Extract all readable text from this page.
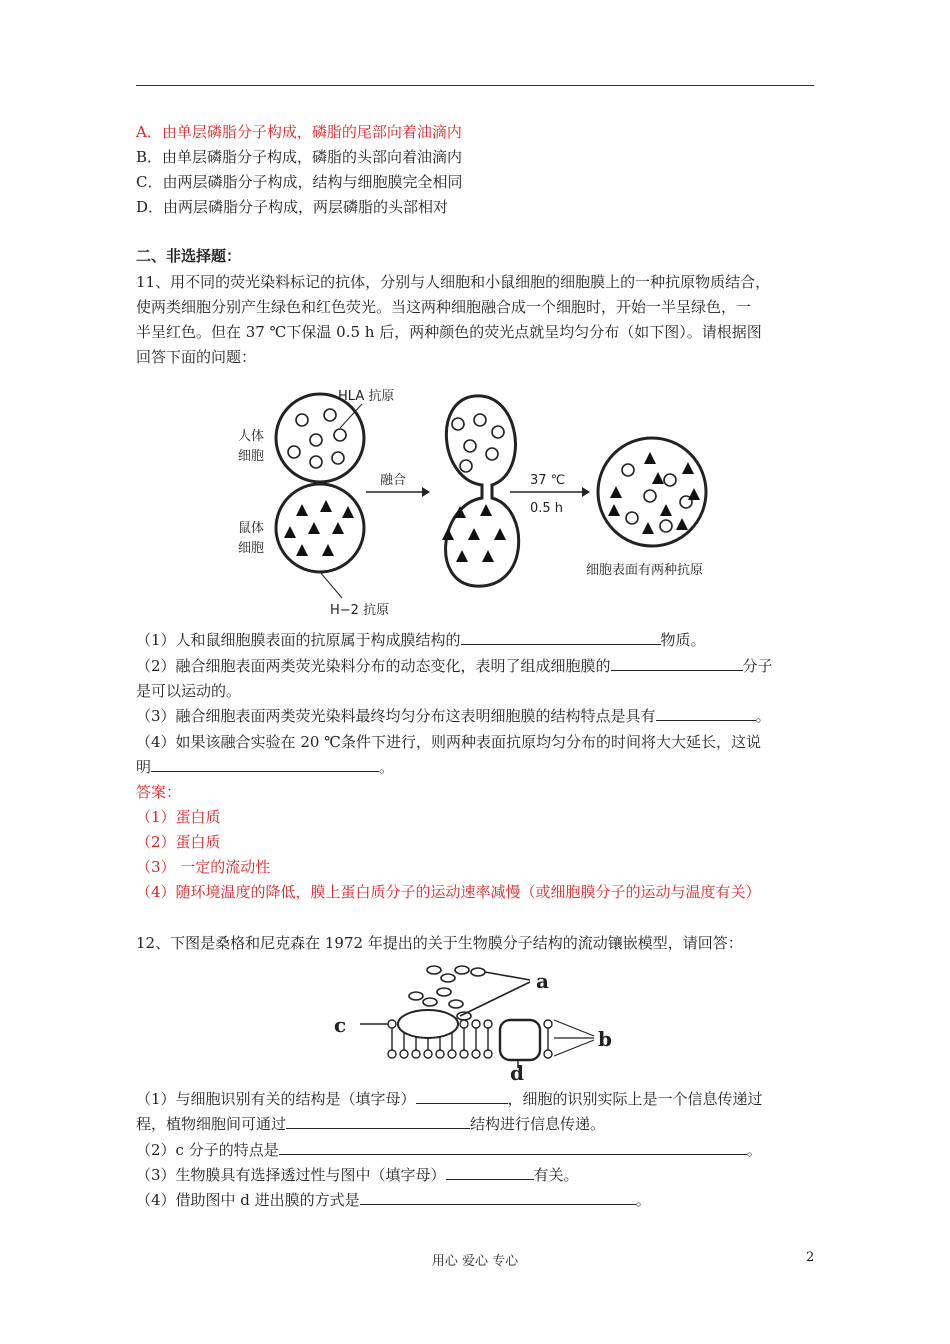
A．由单层磷脂分子构成，磷脂的尾部向着油滴内
B．由单层磷脂分子构成，磷脂的头部向着油滴内
C．由两层磷脂分子构成，结构与细胞膜完全相同
D．由两层磷脂分子构成，两层磷脂的头部相对
二、非选择题：
11、用不同的荧光染料标记的抗体，分别与人细胞和小鼠细胞的细胞膜上的一种抗原物质结合，
使两类细胞分别产生绿色和红色荧光。当这两种细胞融合成一个细胞时，开始一半呈绿色，一
半呈红色。但在 37 ℃下保温 0.5 h 后，两种颜色的荧光点就呈均匀分布（如下图）。请根据图
回答下面的问题：
HLA 抗原
人体
细胞
H−2 抗原
鼠体
细胞
融合	37 ℃
0.5 h
细胞表面有两种抗原
（1）人和鼠细胞膜表面的抗原属于构成膜结构的	物质。
（2）融合细胞表面两类荧光染料分布的动态变化，表明了组成细胞膜的	分子
是可以运动的。
（3）融合细胞表面两类荧光染料最终均匀分布这表明细胞膜的结构特点是具有	。
（4）如果该融合实验在 20 ℃条件下进行，则两种表面抗原均匀分布的时间将大大延长，这说
明	。
答案：
（1）蛋白质
（2）蛋白质
（3） 一定的流动性
（4）随环境温度的降低，膜上蛋白质分子的运动速率减慢（或细胞膜分子的运动与温度有关）
12、下图是桑格和尼克森在 1972 年提出的关于生物膜分子结构的流动镶嵌模型，请回答：
a
d
b
c
（1）与细胞识别有关的结构是（填字母）	，细胞的识别实际上是一个信息传递过
程，植物细胞间可通过	结构进行信息传递。
（2）c 分子的特点是	。
（3）生物膜具有选择透过性与图中（填字母）	有关。
（4）借助图中 d 进出膜的方式是	。
用心 爱心 专心	2
